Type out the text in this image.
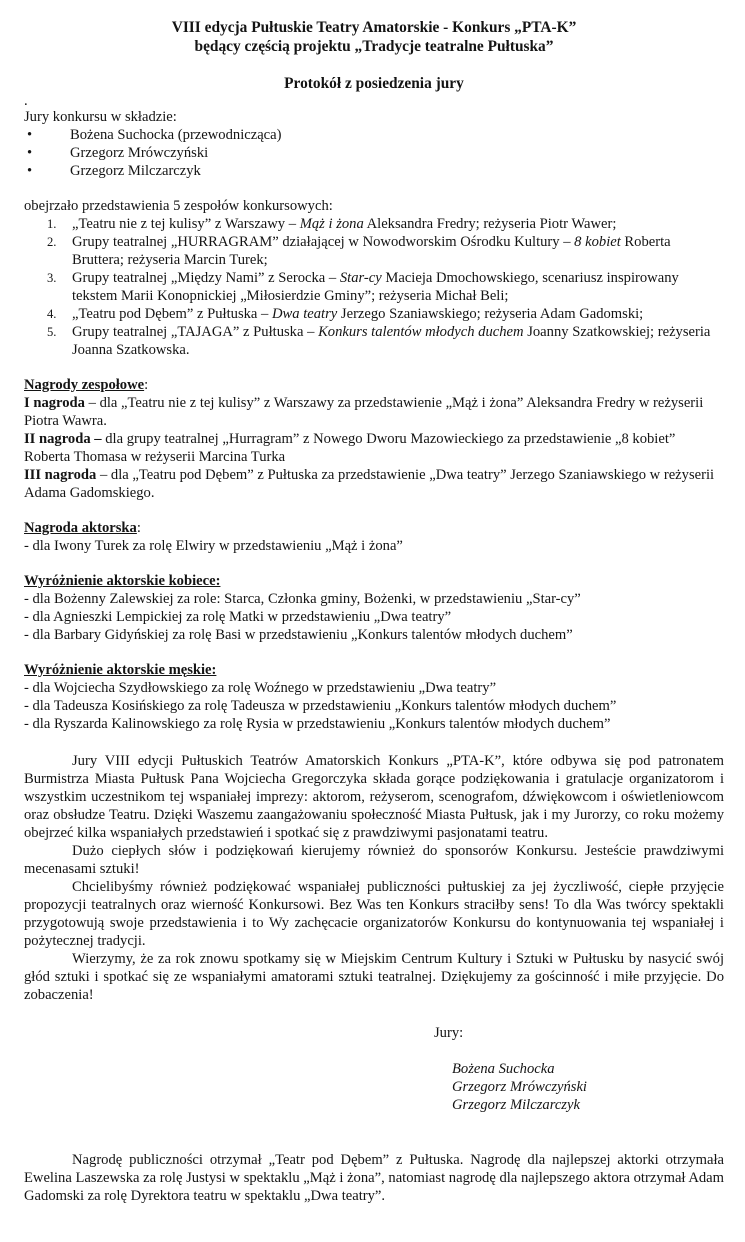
VIII edycja Pułtuskie Teatry Amatorskie - Konkurs „PTA-K”
będący częścią projektu „Tradycje teatralne Pułtuska”
Protokół z posiedzenia jury
.
Jury konkursu w składzie:
• Bożena Suchocka (przewodnicząca)
• Grzegorz Mrówczyński
• Grzegorz Milczarczyk
obejrzało przedstawienia 5 zespołów konkursowych:
1. „Teatru nie z tej kulisy” z Warszawy – Mąż i żona Aleksandra Fredry; reżyseria Piotr Wawer;
2. Grupy teatralnej „HURRAGRAM” działającej w Nowodworskim Ośrodku Kultury – 8 kobiet Roberta Bruttera; reżyseria Marcin Turek;
3. Grupy teatralnej „Między Nami” z Serocka – Star-cy Macieja Dmochowskiego, scenariusz inspirowany tekstem Marii Konopnickiej „Miłosierdzie Gminy”; reżyseria Michał Beli;
4. „Teatru pod Dębem” z Pułtuska – Dwa teatry Jerzego Szaniawskiego; reżyseria Adam Gadomski;
5. Grupy teatralnej „TAJAGA” z Pułtuska – Konkurs talentów młodych duchem Joanny Szatkowskiej; reżyseria Joanna Szatkowska.
Nagrody zespołowe:
I nagroda – dla „Teatru nie z tej kulisy” z Warszawy za przedstawienie „Mąż i żona” Aleksandra Fredry w reżyserii Piotra Wawra.
II nagroda – dla grupy teatralnej „Hurragram” z Nowego Dworu Mazowieckiego za przedstawienie „8 kobiet” Roberta Thomasa w reżyserii Marcina Turka
III nagroda – dla „Teatru pod Dębem” z Pułtuska za przedstawienie „Dwa teatry” Jerzego Szaniawskiego w reżyserii Adama Gadomskiego.
Nagroda aktorska:
- dla Iwony Turek za rolę Elwiry w przedstawieniu „Mąż i żona”
Wyróżnienie aktorskie kobiece:
- dla Bożenny Zalewskiej za role: Starca, Członka gminy, Bożenki, w przedstawieniu „Star-cy”
- dla Agnieszki Lempickiej za rolę Matki w przedstawieniu „Dwa teatry”
- dla Barbary Gidyńskiej za rolę Basi w przedstawieniu „Konkurs talentów młodych duchem”
Wyróżnienie aktorskie męskie:
- dla Wojciecha Szydłowskiego za rolę Woźnego w przedstawieniu „Dwa teatry”
- dla Tadeusza Kosińskiego za rolę Tadeusza w przedstawieniu „Konkurs talentów młodych duchem”
- dla Ryszarda Kalinowskiego za rolę Rysia w przedstawieniu „Konkurs talentów młodych duchem”
Jury VIII edycji Pułtuskich Teatrów Amatorskich Konkurs „PTA-K”, które odbywa się pod patronatem Burmistrza Miasta Pułtusk Pana Wojciecha Gregorczyka składa gorące podziękowania i gratulacje organizatorom i wszystkim uczestnikom tej wspaniałej imprezy: aktorom, reżyserom, scenografom, dźwiękowcom i oświetleniowcom oraz obsłudze Teatru. Dzięki Waszemu zaangażowaniu społeczność Miasta Pułtusk, jak i my Jurorzy, co roku możemy obejrzeć kilka wspaniałych przedstawień i spotkać się z prawdziwymi pasjonatami teatru.
Dużo ciepłych słów i podziękowań kierujemy również do sponsorów Konkursu. Jesteście prawdziwymi mecenasami sztuki!
Chcielibyśmy również podziękować wspaniałej publiczności pułtuskiej za jej życzliwość, ciepłe przyjęcie propozycji teatralnych oraz wierność Konkursowi. Bez Was ten Konkurs straciłby sens! To dla Was twórcy spektakli przygotowują swoje przedstawienia i to Wy zachęcacie organizatorów Konkursu do kontynuowania tej wspaniałej i pożytecznej tradycji.
Wierzymy, że za rok znowu spotkamy się w Miejskim Centrum Kultury i Sztuki w Pułtusku by nasycić swój głód sztuki i spotkać się ze wspaniałymi amatorami sztuki teatralnej. Dziękujemy za gościnność i miłe przyjęcie. Do zobaczenia!
Jury:
Bożena Suchocka
Grzegorz Mrówczyński
Grzegorz Milczarczyk
Nagrodę publiczności otrzymał „Teatr pod Dębem” z Pułtuska. Nagrodę dla najlepszej aktorki otrzymała Ewelina Laszewska za rolę Justysi w spektaklu „Mąż i żona”, natomiast nagrodę dla najlepszego aktora otrzymał Adam Gadomski za rolę Dyrektora teatru w spektaklu „Dwa teatry”.
